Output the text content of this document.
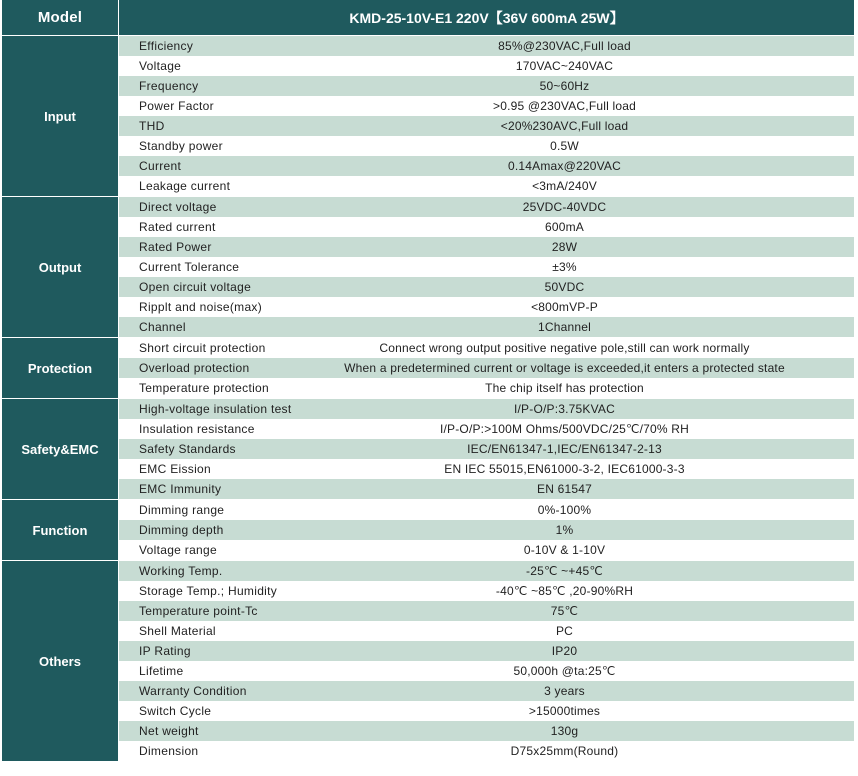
Model	KMD-25-10V-E1 220V【36V 600mA 25W】
Input
Efficiency	85%@230VAC,Full load
Voltage	170VAC~240VAC
Frequency	50~60Hz
Power Factor	>0.95 @230VAC,Full load
THD	<20%230AVC,Full load
Standby power	0.5W
Current	0.14Amax@220VAC
Leakage current	<3mA/240V
Output
Direct voltage	25VDC-40VDC
Rated current	600mA
Rated Power	28W
Current Tolerance	±3%
Open circuit voltage	50VDC
Ripplt and noise(max)	<800mVP-P
Channel	1Channel
Protection
Short circuit protection	Connect wrong output positive negative pole,still can work normally
Overload protection	When a predetermined current or voltage is exceeded,it enters a protected state
Temperature protection	The chip itself has protection
Safety&EMC
High-voltage insulation test	I/P-O/P:3.75KVAC
Insulation resistance	I/P-O/P:>100M Ohms/500VDC/25℃/70% RH
Safety Standards	IEC/EN61347-1,IEC/EN61347-2-13
EMC Eission	EN IEC 55015,EN61000-3-2, IEC61000-3-3
EMC Immunity	EN 61547
Function
Dimming range	0%-100%
Dimming depth	1%
Voltage range	0-10V & 1-10V
Others
Working Temp.	-25℃ ~+45℃
Storage Temp.; Humidity	-40℃ ~85℃ ,20-90%RH
Temperature point-Tc	75℃
Shell Material	PC
IP Rating	IP20
Lifetime	50,000h @ta:25℃
Warranty Condition	3 years
Switch Cycle	>15000times
Net weight	130g
Dimension	D75x25mm(Round)
